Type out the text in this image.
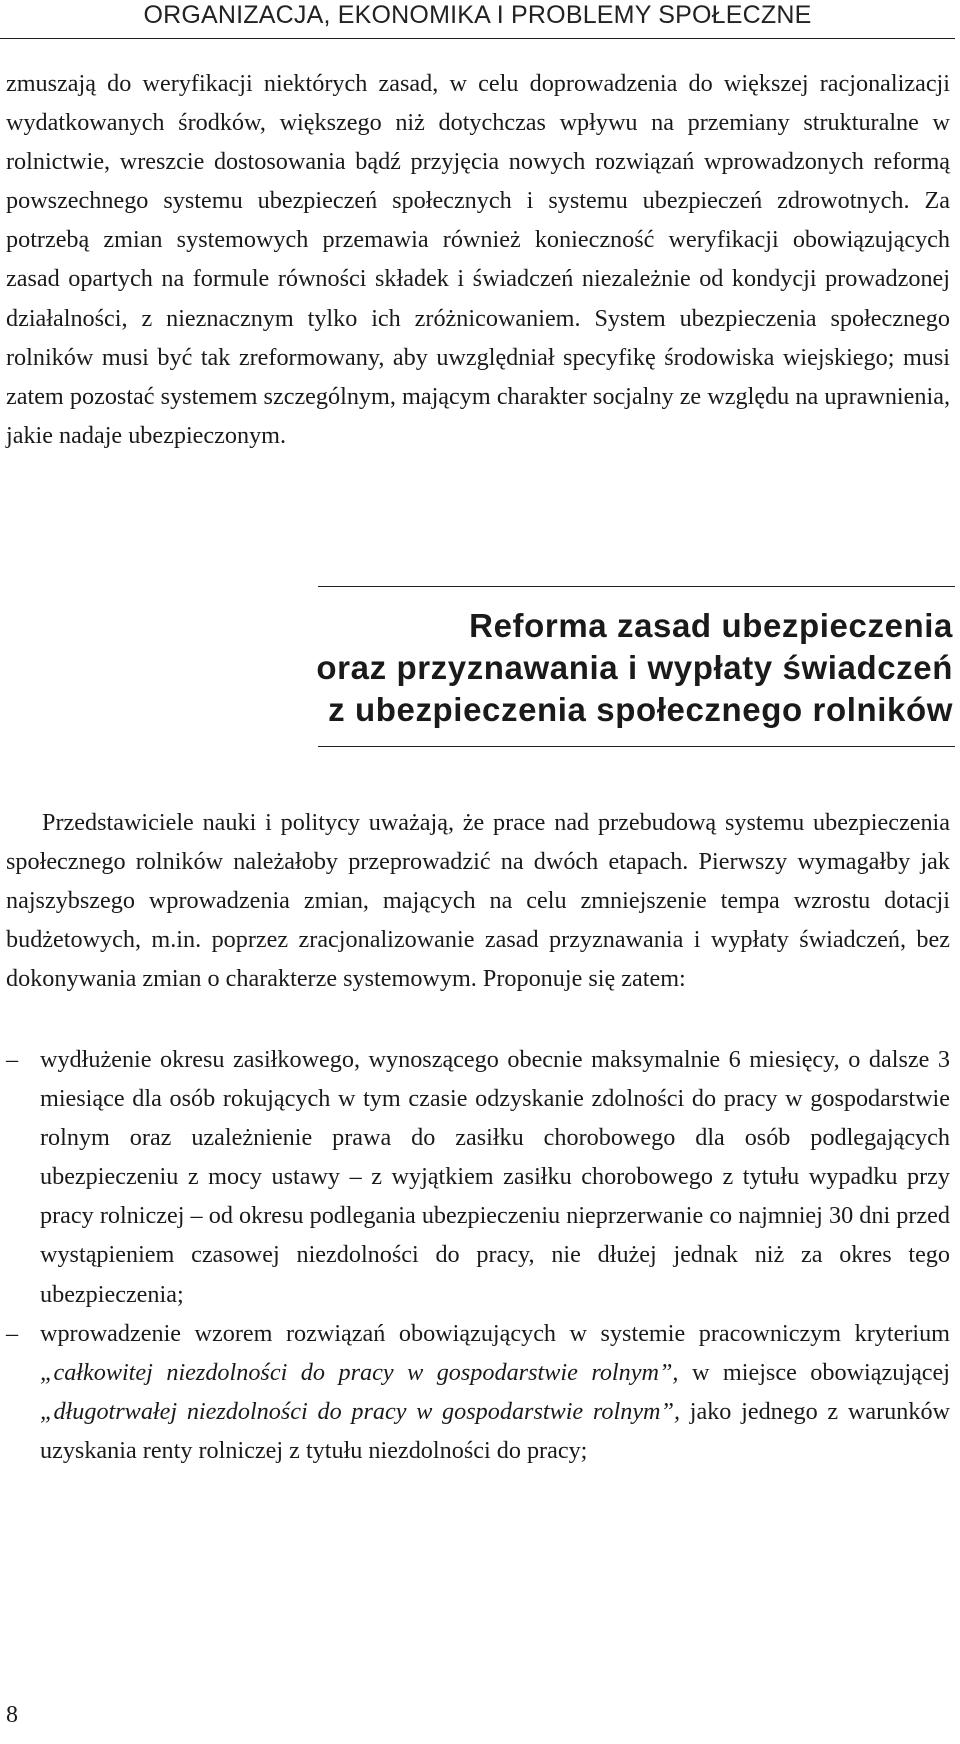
ORGANIZACJA, EKONOMIKA I PROBLEMY SPOŁECZNE

zmuszają do weryfikacji niektórych zasad, w celu doprowadzenia do większej racjonalizacji wydatkowanych środków, większego niż dotychczas wpływu na przemiany strukturalne w rolnictwie, wreszcie dostosowania bądź przyjęcia nowych rozwiązań wprowadzonych reformą powszechnego systemu ubezpieczeń społecznych i systemu ubezpieczeń zdrowotnych. Za potrzebą zmian systemowych przemawia również konieczność weryfikacji obowiązujących zasad opartych na formule równości składek i świadczeń niezależnie od kondycji prowadzonej działalności, z nieznacznym tylko ich zróżnicowaniem. System ubezpieczenia społecznego rolników musi być tak zreformowany, aby uwzględniał specyfikę środowiska wiejskiego; musi zatem pozostać systemem szczególnym, mającym charakter socjalny ze względu na uprawnienia, jakie nadaje ubezpieczonym.

Reforma zasad ubezpieczenia
oraz przyznawania i wypłaty świadczeń
z ubezpieczenia społecznego rolników

Przedstawiciele nauki i politycy uważają, że prace nad przebudową systemu ubezpieczenia społecznego rolników należałoby przeprowadzić na dwóch etapach. Pierwszy wymagałby jak najszybszego wprowadzenia zmian, mających na celu zmniejszenie tempa wzrostu dotacji budżetowych, m.in. poprzez zracjonalizowanie zasad przyznawania i wypłaty świadczeń, bez dokonywania zmian o charakterze systemowym. Proponuje się zatem:

– wydłużenie okresu zasiłkowego, wynoszącego obecnie maksymalnie 6 miesięcy, o dalsze 3 miesiące dla osób rokujących w tym czasie odzyskanie zdolności do pracy w gospodarstwie rolnym oraz uzależnienie prawa do zasiłku chorobowego dla osób podlegających ubezpieczeniu z mocy ustawy – z wyjątkiem zasiłku chorobowego z tytułu wypadku przy pracy rolniczej – od okresu podlegania ubezpieczeniu nieprzerwanie co najmniej 30 dni przed wystąpieniem czasowej niezdolności do pracy, nie dłużej jednak niż za okres tego ubezpieczenia;
– wprowadzenie wzorem rozwiązań obowiązujących w systemie pracowniczym kryterium „całkowitej niezdolności do pracy w gospodarstwie rolnym”, w miejsce obowiązującej „długotrwałej niezdolności do pracy w gospodarstwie rolnym”, jako jednego z warunków uzyskania renty rolniczej z tytułu niezdolności do pracy;
8
